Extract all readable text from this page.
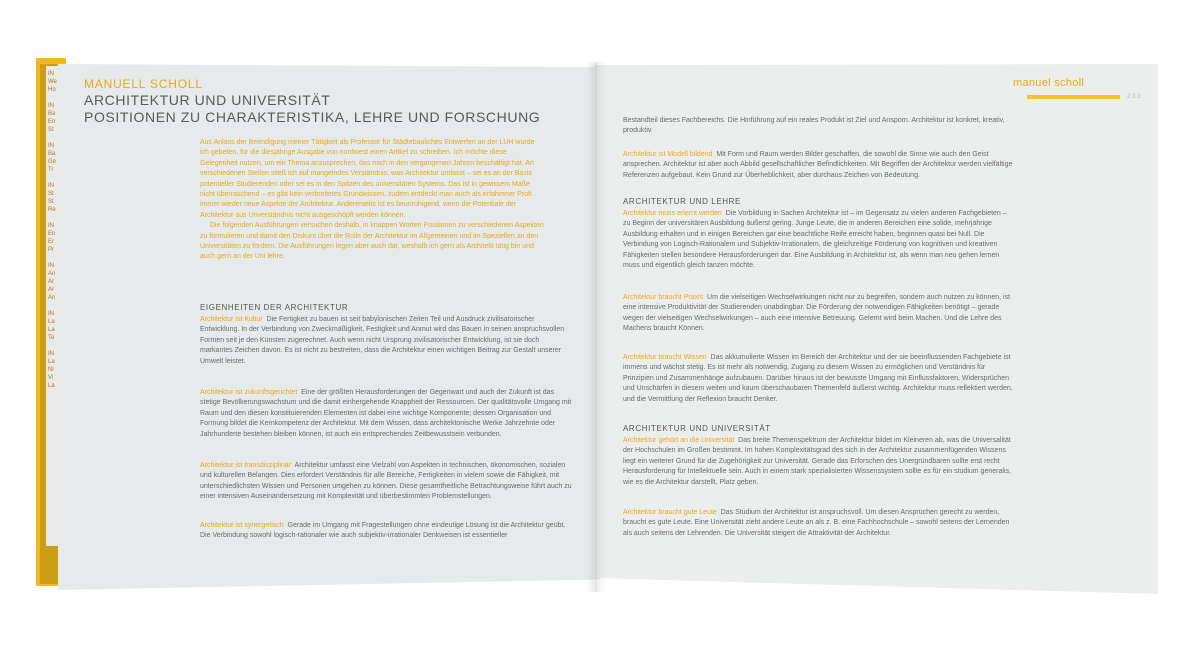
IN
We
Ho

IN
Ba
En
St

IN
Ba
Ge
Tr

IN
St
St
Re

IN
En
Er
Pr

IN
An
Ar
Ar
An

IN
La
La
Te

IN
La
Ni
Vi
La
MANUELL SCHOLL
ARCHITEKTUR UND UNIVERSITÄT
POSITIONEN ZU CHARAKTERISTIKA, LEHRE UND FORSCHUNG

Aus Anlass der Beendigung meiner Tätigkeit als Professor für Städtebauliches Entwerfen an der LUH wurde ich gebeten, für die diesjährige Ausgabe von nordwest einen Artikel zu schreiben. Ich möchte diese Gelegenheit nutzen, um ein Thema anzusprechen, das mich in den vergangenen Jahren beschäftigt hat. An verschiedenen Stellen stieß ich auf mangelndes Verständnis, was Architektur umfasst – sei es an der Basis potentieller Studierenden oder sei es in den Spitzen des universitären Systems. Das ist in gewissem Maße nicht überraschend – es gibt kein verbreitetes Grundwissen, zudem entdeckt man auch als erfahrener Profi immer wieder neue Aspekte der Architektur. Andererseits ist es beunruhigend, wenn die Potentiale der Architektur aus Unverständnis nicht ausgeschöpft werden können.

Die folgenden Ausführungen versuchen deshalb, in knappen Worten Positionen zu verschiedenen Aspekten zu formulieren und damit den Diskurs über die Rolle der Architektur im Allgemeinen und im Speziellen an den Universitäten zu fördern. Die Ausführungen legen aber auch dar, weshalb ich gern als Architekt tätig bin und auch gern an der Uni lehre.

EIGENHEITEN DER ARCHITEKTUR
Architektur ist Kultur Die Fertigkeit zu bauen ist seit babylonischen Zeiten Teil und Ausdruck zivilisatorischer Entwicklung. In der Verbindung von Zweckmäßigkeit, Festigkeit und Anmut wird das Bauen in seinen anspruchsvollen Formen seit je den Künsten zugerechnet. Auch wenn nicht Ursprung zivilisatorischer Entwicklung, ist sie doch markantes Zeichen davon. Es ist nicht zu bestreiten, dass die Architektur einen wichtigen Beitrag zur Gestalt unserer Umwelt leistet.
Architektur ist zukunftsgerichtet Eine der größten Herausforderungen der Gegenwart und auch der Zukunft ist das stetige Bevölkerungswachstum und die damit einhergehende Knappheit der Ressourcen. Der qualitätsvolle Umgang mit Raum und den diesen konstituierenden Elementen ist dabei eine wichtige Komponente; dessen Organisation und Formung bildet die Kernkompetenz der Architektur. Mit dem Wissen, dass architektonische Werke Jahrzehnte oder Jahrhunderte bestehen bleiben können, ist auch ein entsprechendes Zeitbewusstsein verbunden.
Architektur ist transdisziplinär Architektur umfasst eine Vielzahl von Aspekten in technischen, ökonomischen, sozialen und kulturellen Belangen. Dies erfordert Verständnis für alle Bereiche, Fertigkeiten in vielem sowie die Fähigkeit, mit unterschiedlichsten Wissen und Personen umgehen zu können. Diese gesamtheitliche Betrachtungsweise führt auch zu einer intensiven Auseinandersetzung mit Komplexität und überbestimmten Problemstellungen.
Architektur ist synergetisch Gerade im Umgang mit Fragestellungen ohne eindeutige Lösung ist die Architektur geübt. Die Verbindung sowohl logisch-rationaler wie auch subjektiv-irrationaler Denkweisen ist essentieller
manuel scholl
2 3 3
Bestandteil dieses Fachbereichs. Die Hinführung auf ein reales Produkt ist Ziel und Ansporn. Architektur ist konkret, kreativ, produktiv.
Architektur ist Modell bildend Mit Form und Raum werden Bilder geschaffen, die sowohl die Sinne wie auch den Geist ansprechen. Architektur ist aber auch Abbild gesellschaftlicher Befindlichkeiten. Mit Begriffen der Architektur werden vielfältige Referenzen aufgebaut. Kein Grund zur Überheblichkeit, aber durchaus Zeichen von Bedeutung.
ARCHITEKTUR UND LEHRE
Architektur muss erlernt werden Die Vorbildung in Sachen Architektur ist – im Gegensatz zu vielen anderen Fachgebieten – zu Beginn der universitären Ausbildung äußerst gering. Junge Leute, die in anderen Bereichen eine solide, mehrjährige Ausbildung erhalten und in einigen Bereichen gar eine beachtliche Reife erreicht haben, beginnen quasi bei Null. Die Verbindung von Logisch-Rationalem und Subjektiv-Irrationalem, die gleichzeitige Förderung von kognitiven und kreativen Fähigkeiten stellen besondere Herausforderungen dar. Eine Ausbildung in Architektur ist, als wenn man neu gehen lernen muss und eigentlich gleich tanzen möchte.
Architektur braucht Praxis Um die vielseitigen Wechselwirkungen nicht nur zu begreifen, sondern auch nutzen zu können, ist eine intensive Produktivität der Studierenden unabdingbar. Die Förderung der notwendigen Fähigkeiten benötigt – gerade wegen der vielseitigen Wechselwirkungen – auch eine intensive Betreuung. Gelernt wird beim Machen. Und die Lehre des Machens braucht Können.
Architektur braucht Wissen Das akkumulierte Wissen im Bereich der Architektur und der sie beeinflussenden Fachgebiete ist immens und wächst stetig. Es ist mehr als notwendig, Zugang zu diesem Wissen zu ermöglichen und Verständnis für Prinzipien und Zusammenhänge aufzubauen. Darüber hinaus ist der bewusste Umgang mit Einflussfaktoren, Widersprüchen und Unschärfen in diesem weiten und kaum überschaubaren Themenfeld äußerst wichtig. Architektur muss reflektiert werden, und die Vermittlung der Reflexion braucht Denker.
ARCHITEKTUR UND UNIVERSITÄT
Architektur gehört an die Universität Das breite Themenspektrum der Architektur bildet im Kleineren ab, was die Universalität der Hochschulen im Großen bestimmt. Im hohen Komplexitätsgrad des sich in der Architektur zusammenfügenden Wissens liegt ein weiterer Grund für die Zugehörigkeit zur Universität. Gerade das Erforschen des Unergründbaren sollte erst recht Herausforderung für Intellektuelle sein. Auch in einem stark spezialisierten Wissenssystem sollte es für ein studium generalis, wie es die Architektur darstellt, Platz geben.
Architektur braucht gute Leute Das Studium der Architektur ist anspruchsvoll. Um diesen Ansprüchen gerecht zu werden, braucht es gute Leute. Eine Universität zieht andere Leute an als z. B. eine Fachhochschule – sowohl seitens der Lernenden als auch seitens der Lehrenden. Die Universität steigert die Attraktivität der Architektur.
